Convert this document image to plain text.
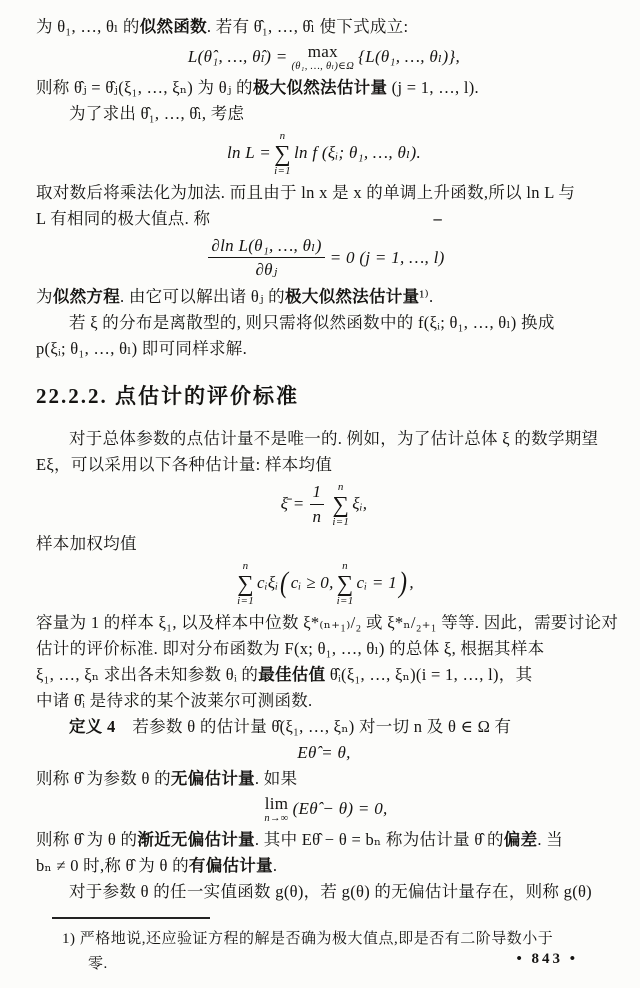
为 θ₁, …, θₗ 的似然函数. 若有 θ̂₁, …, θ̂ₗ 使下式成立:

L(θ̂₁, …, θ̂ₗ) = max
(θ₁, …, θₗ)∈Ω {L(θ₁, …, θₗ)},

则称 θ̂ⱼ = θ̂ⱼ(ξ₁, …, ξₙ) 为 θⱼ 的极大似然法估计量 (j = 1, …, l).

为了求出 θ̂₁, …, θ̂ₗ, 考虑

ln L =
n
∑
i=1
ln f (ξᵢ; θ₁, …, θₗ).

取对数后将乘法化为加法. 而且由于 ln x 是 x 的单调上升函数,所以 ln L 与

L 有相同的极大值点. 称	–

$\frac{\text{∂ln L(θ₁, …, θₗ)}}{\text{∂θⱼ}} = 0$ (j = 1, …, l)

为似然方程. 由它可以解出诸 θⱼ 的极大似然法估计量¹⁾.

若 ξ 的分布是离散型的, 则只需将似然函数中的 f(ξᵢ; θ₁, …, θₗ) 换成

p(ξᵢ; θ₁, …, θₗ) 即可同样求解.

22.2.2. 点估计的评价标准

对于总体参数的点估计量不是唯一的. 例如，为了估计总体 ξ 的数学期望

Eξ，可以采用以下各种估计量: 样本均值

ξ̄ = $\frac{1}{n}$ n
∑
i=1
ξᵢ,

样本加权均值

n
∑
i=1
cᵢξᵢ ( cᵢ ≥ 0,
n
∑
i=1
cᵢ = 1 ) ,

容量为 1 的样本 ξ₁, 以及样本中位数 ξ*₍ₙ₊₁₎/₂ 或 ξ*ₙ/₂₊₁ 等等. 因此，需要讨论对

估计的评价标准. 即对分布函数为 F(x; θ₁, …, θₗ) 的总体 ξ, 根据其样本

ξ₁, …, ξₙ 求出各未知参数 θᵢ 的最佳估值 θ̂ᵢ(ξ₁, …, ξₙ)(i = 1, …, l)，其

中诸 θ̂ᵢ 是待求的某个波莱尔可测函数.

定义 4　若参数 θ 的估计量 θ̂(ξ₁, …, ξₙ) 对一切 n 及 θ ∈ Ω 有

Eθ̂ = θ,

则称 θ̂ 为参数 θ 的无偏估计量. 如果

lim
n→∞ (Eθ̂ − θ) = 0,

则称 θ̂ 为 θ 的渐近无偏估计量. 其中 Eθ̂ − θ = bₙ 称为估计量 θ̂ 的偏差. 当

bₙ ≠ 0 时,称 θ̂ 为 θ 的有偏估计量.

对于参数 θ 的任一实值函数 g(θ)，若 g(θ) 的无偏估计量存在，则称 g(θ)

1) 严格地说,还应验证方程的解是否确为极大值点,即是否有二阶导数小于

零.	• 843 •
